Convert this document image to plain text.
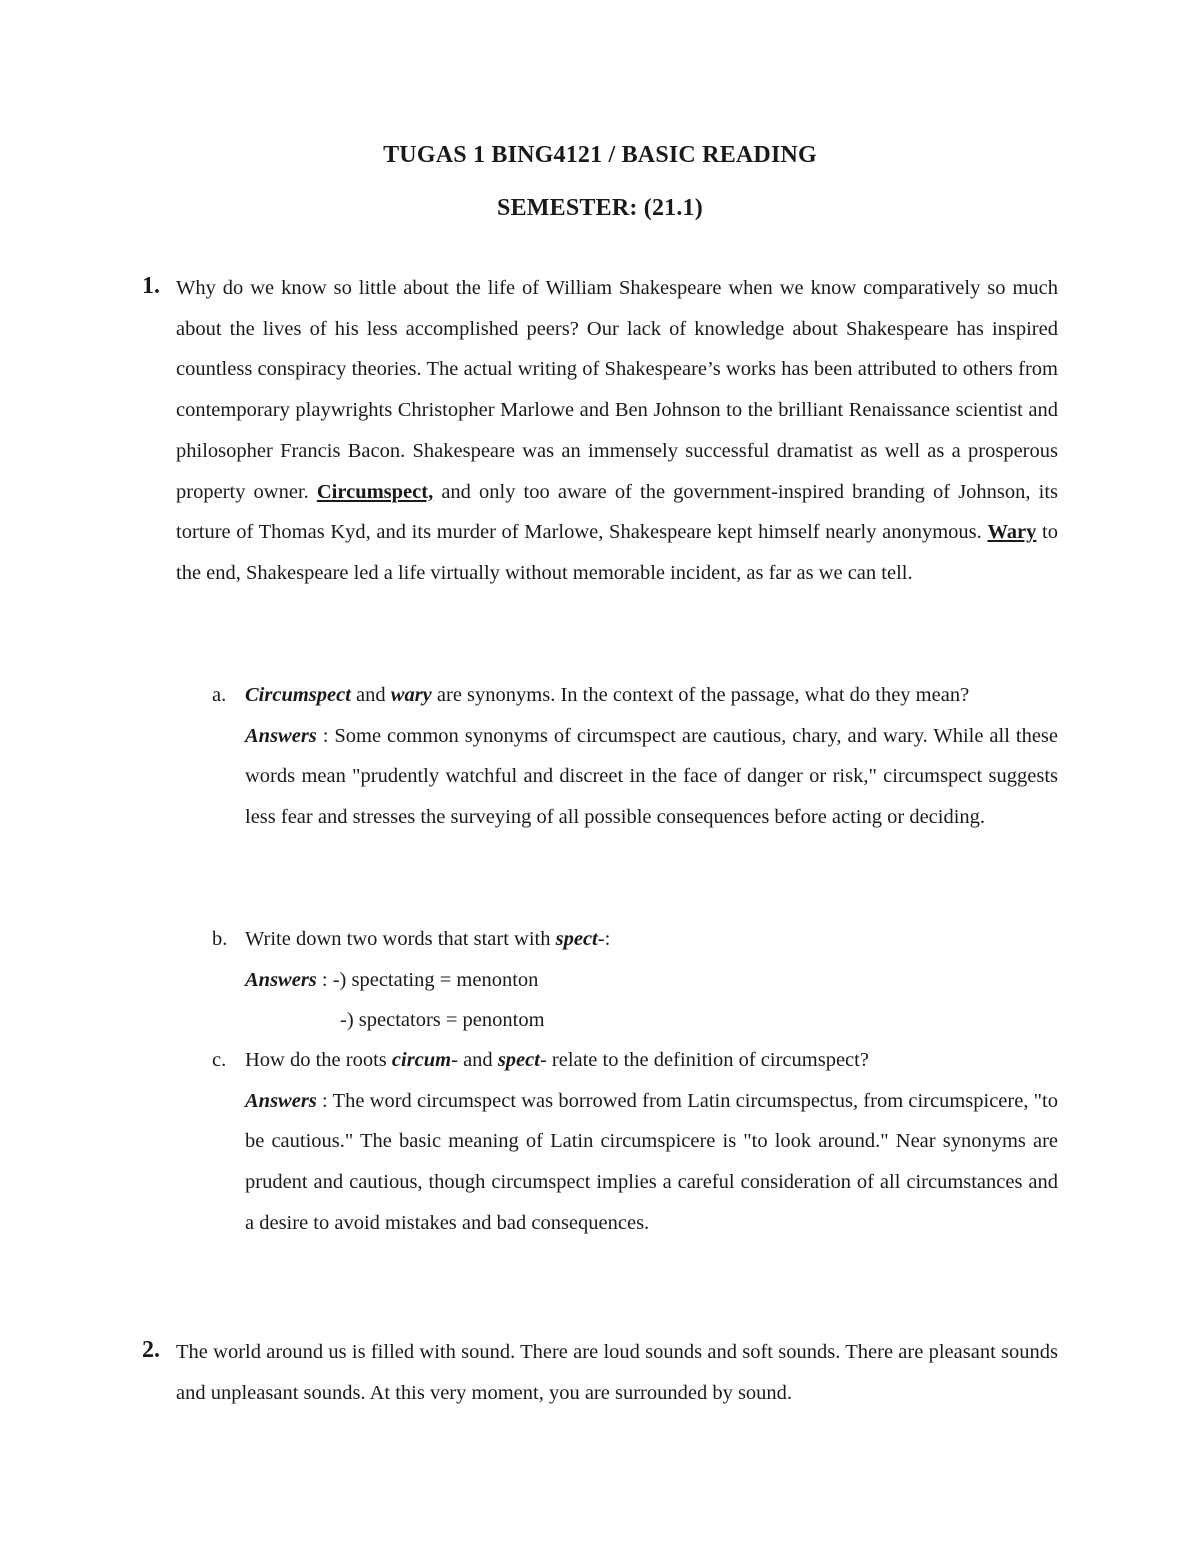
TUGAS 1 BING4121 / BASIC READING
SEMESTER: (21.1)
1. Why do we know so little about the life of William Shakespeare when we know comparatively so much about the lives of his less accomplished peers? Our lack of knowledge about Shakespeare has inspired countless conspiracy theories. The actual writing of Shakespeare’s works has been attributed to others from contemporary playwrights Christopher Marlowe and Ben Johnson to the brilliant Renaissance scientist and philosopher Francis Bacon. Shakespeare was an immensely successful dramatist as well as a prosperous property owner. Circumspect, and only too aware of the government-inspired branding of Johnson, its torture of Thomas Kyd, and its murder of Marlowe, Shakespeare kept himself nearly anonymous. Wary to the end, Shakespeare led a life virtually without memorable incident, as far as we can tell.
a. Circumspect and wary are synonyms. In the context of the passage, what do they mean?

Answers : Some common synonyms of circumspect are cautious, chary, and wary. While all these words mean "prudently watchful and discreet in the face of danger or risk," circumspect suggests less fear and stresses the surveying of all possible consequences before acting or deciding.

b. Write down two words that start with spect-:

Answers : -) spectating = menonton

-) spectators = penontom

c. How do the roots circum- and spect- relate to the definition of circumspect?

Answers : The word circumspect was borrowed from Latin circumspectus, from circumspicere, "to be cautious." The basic meaning of Latin circumspicere is "to look around." Near synonyms are prudent and cautious, though circumspect implies a careful consideration of all circumstances and a desire to avoid mistakes and bad consequences.

2. The world around us is filled with sound. There are loud sounds and soft sounds. There are pleasant sounds and unpleasant sounds. At this very moment, you are surrounded by sound.
